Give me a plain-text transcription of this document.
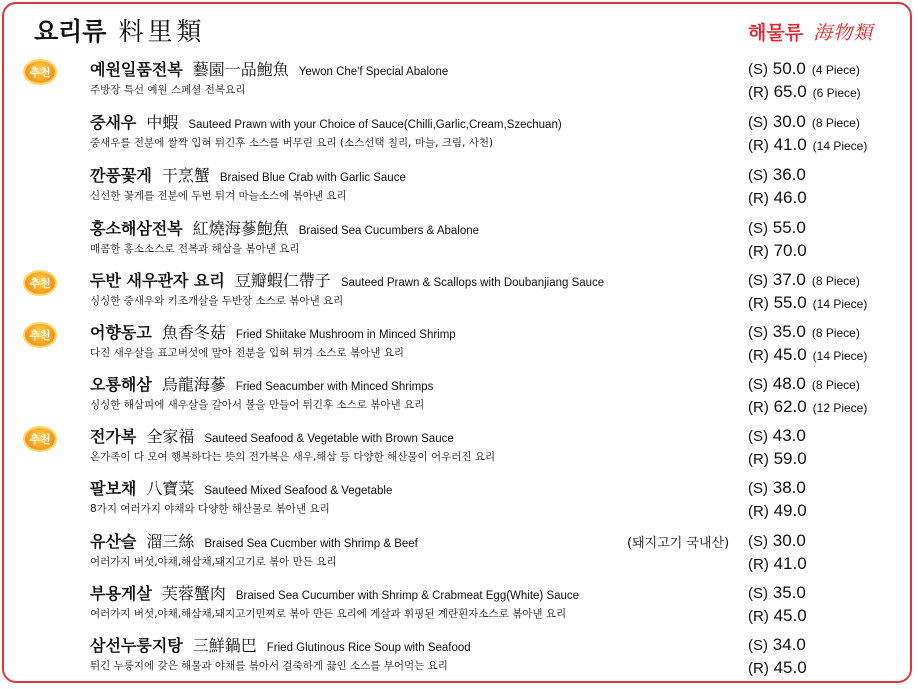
요리류 料里類	해물류 海物類
추천 예원일품전복 藝園一品鮑魚 Yewon Che'f Special Abalone
주방장 특선 예원 스페셜 전복요리
(S) 50.0 (4 Piece)
(R) 65.0 (6 Piece)
중새우 中蝦 Sauteed Prawn with your Choice of Sauce(Chilli,Garlic,Cream,Szechuan)
중새우를 전분에 쌀짝 입혀 튀긴후 소스를 버무린 요리 (소스선택 칠리, 마늘, 크림, 사천)
(S) 30.0 (8 Piece)
(R) 41.0 (14 Piece)
깐풍꽃게 干烹蟹 Braised Blue Crab with Garlic Sauce
신선한 꽃게를 전분에 두번 튀겨 마늘소스에 볶아낸 요리
(S) 36.0
(R) 46.0
홍소해삼전복 紅燒海蔘鮑魚 Braised Sea Cucumbers & Abalone
매콤한 홍소소스로 전복과 해삼을 볶아낸 요리
(S) 55.0
(R) 70.0
추천 두반 새우관자 요리 豆瓣蝦仁帶子 Sauteed Prawn & Scallops with Doubanjiang Sauce
싱싱한 중새우와 키조개살을 두반장 소스로 볶아낸 요리
(S) 37.0 (8 Piece)
(R) 55.0 (14 Piece)
추천 어향동고 魚香冬菇 Fried Shiitake Mushroom in Minced Shrimp
다진 새우살을 표고버섯에 말아 전분을 입혀 튀겨 소스로 볶아낸 요리
(S) 35.0 (8 Piece)
(R) 45.0 (14 Piece)
오룡해삼 烏龍海蔘 Fried Seacumber with Minced Shrimps
싱싱한 해삼피에 새우살을 갈아서 볼을 만들어 튀긴후 소스로 볶아낸 요리
(S) 48.0 (8 Piece)
(R) 62.0 (12 Piece)
추천 전가복 全家福 Sauteed Seafood & Vegetable with Brown Sauce
온가족이 다 모여 행복하다는 뜻의 전가복은 새우,해삼 등 다양한 해산물이 어우러진 요리
(S) 43.0
(R) 59.0
팔보채 八寶菜 Sauteed Mixed Seafood & Vegetable
8가지 여러가지 야채와 다양한 해산물로 볶아낸 요리
(S) 38.0
(R) 49.0
유산슬 溜三絲 Braised Sea Cucmber with Shrimp & Beef
여러가지 버섯,야채,해삼채,돼지고기로 볶아 만든 요리
(돼지고기 국내산) (S) 30.0
(R) 41.0
부용게살 芙蓉蟹肉 Braised Sea Cucumber with Shrimp & Crabmeat Egg(White) Sauce
여러가지 버섯,야채,해삼채,돼지고기민찌로 볶아 만든 요리에 게살과 휘핑된 계란흰자소스로 볶아낸 요리
(S) 35.0
(R) 45.0
삼선누룽지탕 三鮮鍋巴 Fried Glutinous Rice Soup with Seafood
튀긴 누룽지에 갖은 해물과 야채를 볶아서 걸죽하게 끓인 소스를 부어먹는 요리
(S) 34.0
(R) 45.0
